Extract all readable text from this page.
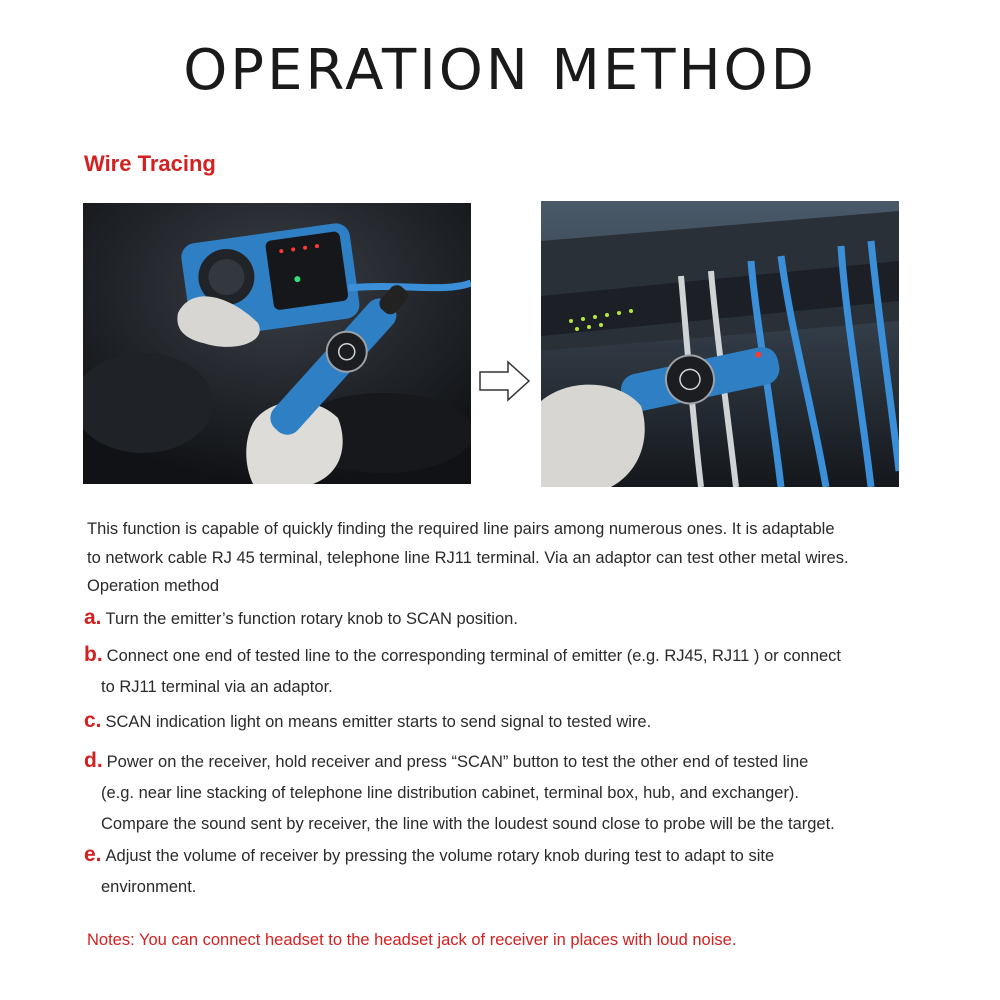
OPERATION METHOD
Wire Tracing
This function is capable of quickly finding the required line pairs among numerous ones. It is adaptable
to network cable RJ 45 terminal, telephone line RJ11 terminal. Via an adaptor can test other metal wires.
Operation method
a. Turn the emitter’s function rotary knob to SCAN position.
b. Connect one end of tested line to the corresponding terminal of emitter (e.g. RJ45, RJ11 ) or connect
to RJ11 terminal via an adaptor.
c. SCAN indication light on means emitter starts to send signal to tested wire.
d. Power on the receiver, hold receiver and press “SCAN” button to test the other end of tested line
(e.g. near line stacking of telephone line distribution cabinet, terminal box, hub, and exchanger).
Compare the sound sent by receiver, the line with the loudest sound close to probe will be the target.
e. Adjust the volume of receiver by pressing the volume rotary knob during test to adapt to site
environment.
Notes: You can connect headset to the headset jack of receiver in places with loud noise.
